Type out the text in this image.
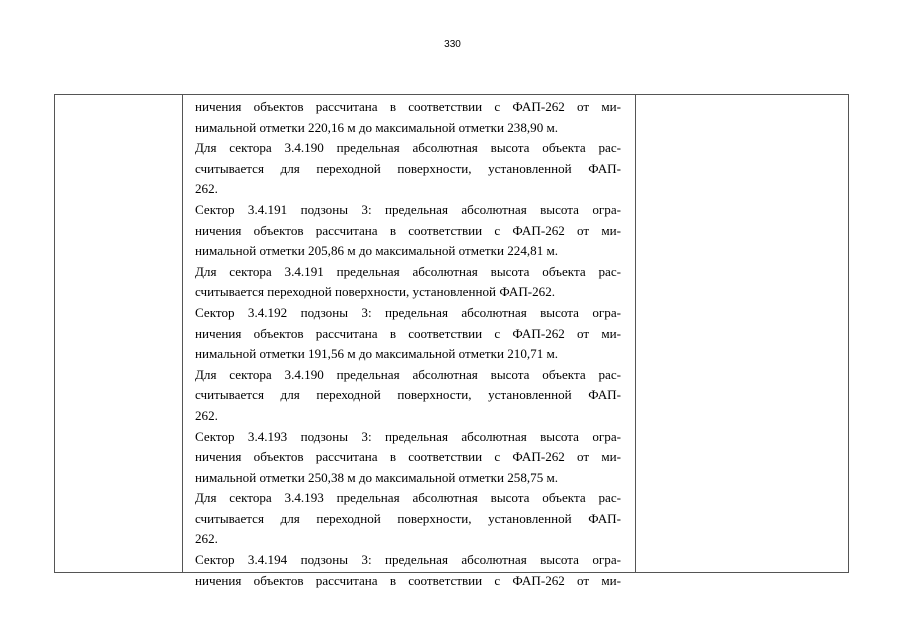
330
ничения объектов рассчитана в соответствии с ФАП-262 от ми-
нимальной отметки 220,16 м до максимальной отметки 238,90 м.
Для сектора 3.4.190 предельная абсолютная высота объекта рас-
считывается для переходной поверхности, установленной ФАП-
262.
Сектор 3.4.191 подзоны 3: предельная абсолютная высота огра-
ничения объектов рассчитана в соответствии с ФАП-262 от ми-
нимальной отметки 205,86 м до максимальной отметки 224,81 м.
Для сектора 3.4.191 предельная абсолютная высота объекта рас-
считывается переходной поверхности, установленной ФАП-262.
Сектор 3.4.192 подзоны 3: предельная абсолютная высота огра-
ничения объектов рассчитана в соответствии с ФАП-262 от ми-
нимальной отметки 191,56 м до максимальной отметки 210,71 м.
Для сектора 3.4.190 предельная абсолютная высота объекта рас-
считывается для переходной поверхности, установленной ФАП-
262.
Сектор 3.4.193 подзоны 3: предельная абсолютная высота огра-
ничения объектов рассчитана в соответствии с ФАП-262 от ми-
нимальной отметки 250,38 м до максимальной отметки 258,75 м.
Для сектора 3.4.193 предельная абсолютная высота объекта рас-
считывается для переходной поверхности, установленной ФАП-
262.
Сектор 3.4.194 подзоны 3: предельная абсолютная высота огра-
ничения объектов рассчитана в соответствии с ФАП-262 от ми-
